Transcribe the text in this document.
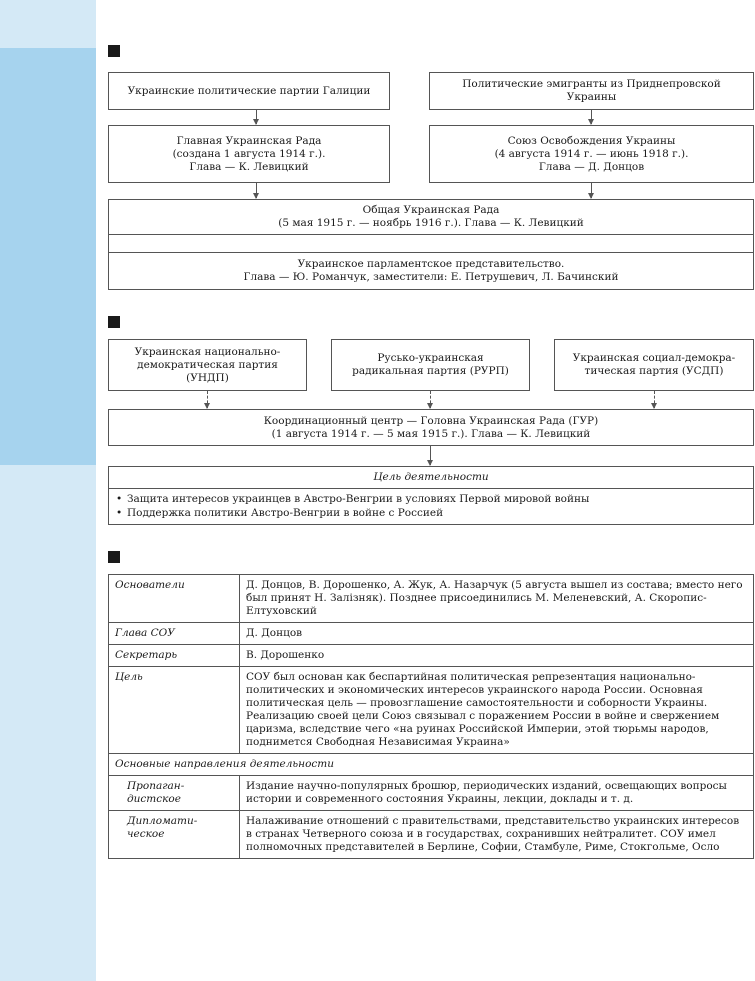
Украинские политические партии Галиции
Политические эмигранты из Приднепровской
Украины
Главная Украинская Рада
(создана 1 августа 1914 г.).
Глава — К. Левицкий
Союз Освобождения Украины
(4 августа 1914 г. — июнь 1918 г.).
Глава — Д. Донцов
Общая Украинская Рада
(5 мая 1915 г. — ноябрь 1916 г.). Глава — К. Левицкий
Украинское парламентское представительство.
Глава — Ю. Романчук, заместители: Е. Петрушевич, Л. Бачинский
Украинская национально-
демократическая партия
(УНДП)
Русько-украинская
радикальная партия (РУРП)
Украинская социал-демокра-
тическая партия (УСДП)
Координационный центр — Головна Украинская Рада (ГУР)
(1 августа 1914 г. — 5 мая 1915 г.). Глава — К. Левицкий
Цель деятельности
• Защита интересов украинцев в Австро-Венгрии в условиях Первой мировой войны
• Поддержка политики Австро-Венгрии в войне с Россией
Основатели	Д. Донцов, В. Дорошенко, А. Жук, А. Назарчук (5 августа вышел из состава; вместо него был принят Н. Залізняк). Позднее присоединились М. Меленевский, А. Скоропис-Елтуховский
Глава СОУ	Д. Донцов
Секретарь	В. Дорошенко
Цель	СОУ был основан как беспартийная политическая репрезентация национально-политических и экономических интересов украинского народа России. Основная политическая цель — провозглашение самостоятельности и соборности Украины. Реализацию своей цели Союз связывал с поражением России в войне и свержением царизма, вследствие чего «на руинах Российской Империи, этой тюрьмы народов, поднимется Свободная Независимая Украина»
Основные направления деятельности	
Пропаган-дистское	Издание научно-популярных брошюр, периодических изданий, освещающих вопросы истории и современного состояния Украины, лекции, доклады и т. д.
Дипломати-ческое	Налаживание отношений с правительствами, представительство украинских интересов в странах Четверного союза и в государствах, сохранивших нейтралитет. СОУ имел полномочных представителей в Берлине, Софии, Стамбуле, Риме, Стокгольме, Осло
